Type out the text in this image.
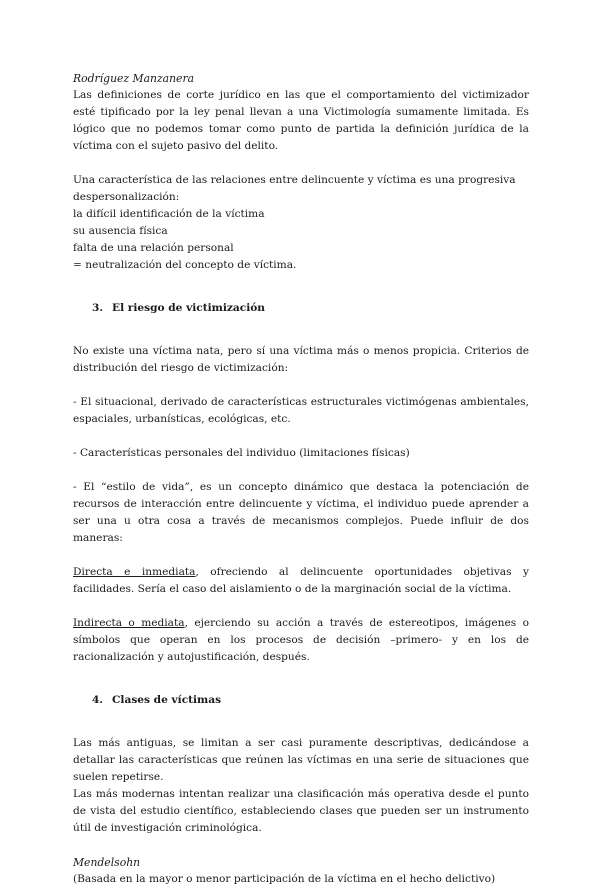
Rodríguez Manzanera

Las definiciones de corte jurídico en las que el comportamiento del victimizador esté tipificado por la ley penal llevan a una Victimología sumamente limitada. Es lógico que no podemos tomar como punto de partida la definición jurídica de la víctima con el sujeto pasivo del delito.

Una característica de las relaciones entre delincuente y víctima es una progresiva despersonalización:

la difícil identificación de la víctima

su ausencia física

falta de una relación personal

= neutralización del concepto de víctima.

3. El riesgo de victimización

No existe una víctima nata, pero sí una víctima más o menos propicia. Criterios de distribución del riesgo de victimización:

- El situacional, derivado de características estructurales victimógenas ambientales, espaciales, urbanísticas, ecológicas, etc.

- Características personales del individuo (limitaciones físicas)

- El “estilo de vida”, es un concepto dinámico que destaca la potenciación de recursos de interacción entre delincuente y víctima, el individuo puede aprender a ser una u otra cosa a través de mecanismos complejos. Puede influir de dos maneras:

Directa e inmediata, ofreciendo al delincuente oportunidades objetivas y facilidades. Sería el caso del aislamiento o de la marginación social de la víctima.

Indirecta o mediata, ejerciendo su acción a través de estereotipos, imágenes o símbolos que operan en los procesos de decisión –primero- y en los de racionalización y autojustificación, después.

4. Clases de víctimas

Las más antiguas, se limitan a ser casi puramente descriptivas, dedicándose a detallar las características que reúnen las víctimas en una serie de situaciones que suelen repetirse.

Las más modernas intentan realizar una clasificación más operativa desde el punto de vista del estudio científico, estableciendo clases que pueden ser un instrumento útil de investigación criminológica.

Mendelsohn

(Basada en la mayor o menor participación de la víctima en el hecho delictivo)
